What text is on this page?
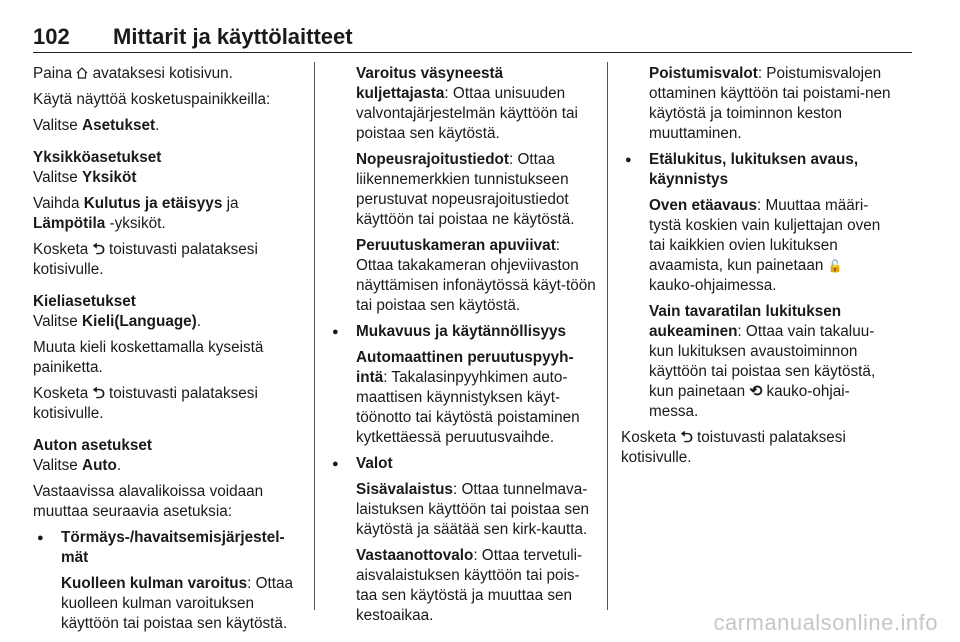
102 Mittarit ja käyttölaitteet

Paina avataksesi kotisivun.

Käytä näyttöä kosketuspainikkeilla:

Valitse Asetukset.

Yksikköasetukset

Valitse Yksiköt

Vaihda Kulutus ja etäisyys ja
Lämpötila -yksiköt.

Kosketa ⮌ toistuvasti palataksesi kotisivulle.

Kieliasetukset

Valitse Kieli(Language).

Muuta kieli koskettamalla kyseistä painiketta.

Kosketa ⮌ toistuvasti palataksesi kotisivulle.

Auton asetukset

Valitse Auto.

Vastaavissa alavalikoissa voidaan muuttaa seuraavia asetuksia:

● Törmäys-/havaitsemisjärjestel-mät

Kuolleen kulman varoitus: Ottaa kuolleen kulman varoituksen käyttöön tai poistaa sen käytöstä.

Varoitus väsyneestä kuljettajasta: Ottaa unisuuden valvontajärjestelmän käyttöön tai poistaa sen käytöstä.

Nopeusrajoitustiedot: Ottaa liikennemerkkien tunnistukseen perustuvat nopeusrajoitustiedot käyttöön tai poistaa ne käytöstä.

Peruutuskameran apuviivat: Ottaa takakameran ohjeviivaston näyttämisen infonäytössä käyt-töön tai poistaa sen käytöstä.

● Mukavuus ja käytännöllisyys

Automaattinen peruutuspyyh-intä: Takalasinpyyhkimen auto-maattisen käynnistyksen käyt-töönotto tai käytöstä poistaminen kytkettäessä peruutusvaihde.

● Valot

Sisävalaistus: Ottaa tunnelmava-laistuksen käyttöön tai poistaa sen käytöstä ja säätää sen kirk-kautta.

Vastaanottovalo: Ottaa tervetuli-aisvalaistuksen käyttöön tai pois-taa sen käytöstä ja muuttaa sen kestoaikaa.

Poistumisvalot: Poistumisvalojen ottaminen käyttöön tai poistami-nen käytöstä ja toiminnon keston muuttaminen.

● Etälukitus, lukituksen avaus, käynnistys

Oven etäavaus: Muuttaa määri-tystä koskien vain kuljettajan oven tai kaikkien ovien lukituksen avaamista, kun painetaan 🔓
kauko-ohjaimessa.

Vain tavaratilan lukituksen aukeaminen: Ottaa vain takaluu-kun lukituksen avaustoiminnon käyttöön tai poistaa sen käytöstä, kun painetaan ⟲ kauko-ohjai-messa.

Kosketa ⮌ toistuvasti palataksesi kotisivulle.

carmanualsonline.info
